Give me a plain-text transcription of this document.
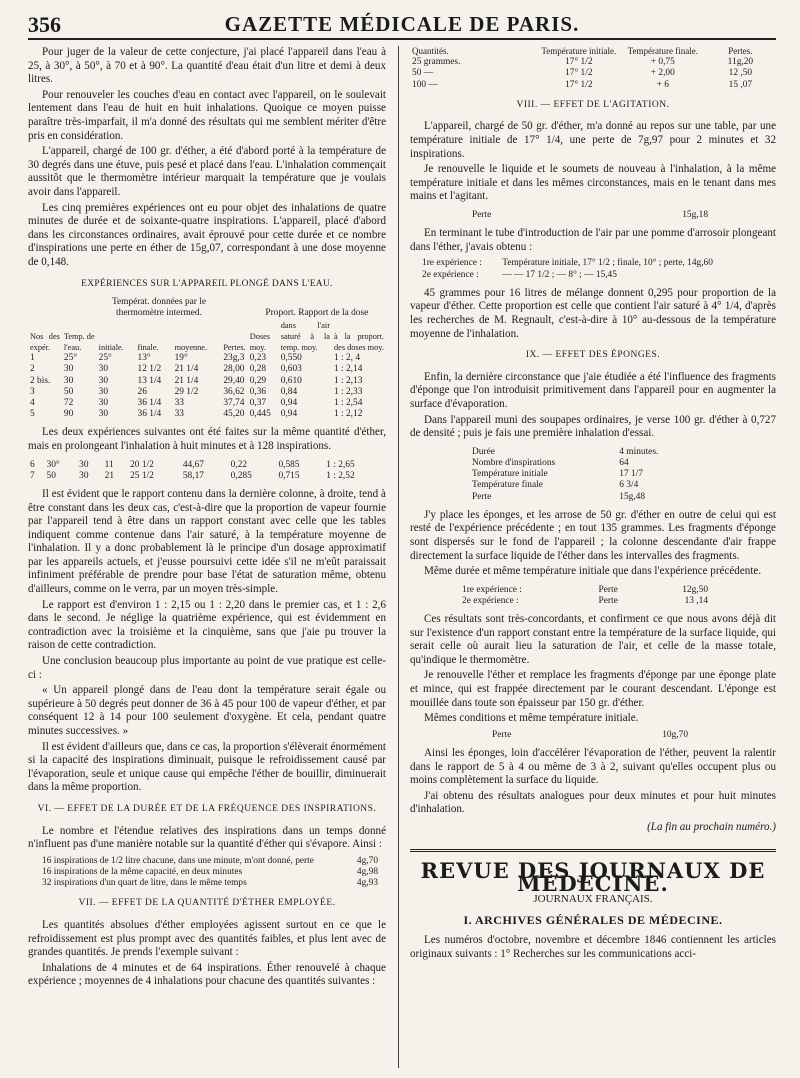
356	GAZETTE MÉDICALE DE PARIS.

Pour juger de la valeur de cette conjecture, j'ai placé l'appareil dans l'eau à 25, à 30°, à 50°, à 70 et à 90°. La quantité d'eau était d'un litre et demi à deux litres.

Pour renouveler les couches d'eau en contact avec l'appareil, on le soulevait lentement dans l'eau de huit en huit inhalations. Quoique ce moyen puisse paraître très-imparfait, il m'a donné des résultats qui me semblent mériter d'être pris en considération.

L'appareil, chargé de 100 gr. d'éther, a été d'abord porté à la température de 30 degrés dans une étuve, puis pesé et placé dans l'eau. L'inhalation commençait aussitôt que le thermomètre intérieur marquait la température que je voulais avoir dans l'appareil.

Les cinq premières expériences ont eu pour objet des inhalations de quatre minutes de durée et de soixante-quatre inspirations. L'appareil, placé d'abord dans les circonstances ordinaires, avait éprouvé pour cette durée et ce nombre d'inspirations une perte en éther de 15g,07, correspondant à une dose moyenne de 0,148.

EXPÉRIENCES SUR L'APPAREIL PLONGÉ DANS L'EAU.
		Températ. données par le thermomètre intermed.				Proport. Rapport de la dose		
Nos des expér.	Temp. de l'eau.	initiale.	finale.	moyenne.	Pertes.	Doses moy.	dans l'air saturé à la temp. moy.	à la proport. des doses moy.
1	25°	25°	13°	19°	23g,3	0,23	0,550	1 : 2, 4
2	30	30	12 1/2	21 1/4	28,00	0,28	0,603	1 : 2,14
2 bis.	30	30	13 1/4	21 1/4	29,40	0,29	0,610	1 : 2,13
3	50	30	26	29 1/2	36,62	0,36	0,84	1 : 2,33
4	72	30	36 1/4	33	37,74	0,37	0,94	1 : 2,54
5	90	30	36 1/4	33	45,20	0,445	0,94	1 : 2,12

Les deux expériences suivantes ont été faites sur la même quantité d'éther, mais en prolongeant l'inhalation à huit minutes et à 128 inspirations.

6	30°	30	11	20 1/2	44,67	0,22	0,585	1 : 2,65
7	50	30	21	25 1/2	58,17	0,285	0,715	1 : 2,52

Il est évident que le rapport contenu dans la dernière colonne, à droite, tend à être constant dans les deux cas, c'est-à-dire que la proportion de vapeur fournie par l'appareil tend à être dans un rapport constant avec celle que les tables indiquent comme contenue dans l'air saturé, à la température moyenne de l'inhalation. Il y a donc probablement là le principe d'un dosage approximatif par les appareils actuels, et j'eusse poursuivi cette idée s'il ne m'eût paraissait infiniment préférable de prendre pour base l'état de saturation même, obtenu d'ailleurs, comme on le verra, par un moyen très-simple.

Le rapport est d'environ 1 : 2,15 ou 1 : 2,20 dans le premier cas, et 1 : 2,6 dans le second. Je néglige la quatrième expérience, qui est évidemment en contradiction avec la troisième et la cinquième, sans que j'aie pu trouver la raison de cette contradiction.

Une conclusion beaucoup plus importante au point de vue pratique est celle-ci :

« Un appareil plongé dans de l'eau dont la température serait égale ou supérieure à 50 degrés peut donner de 36 à 45 pour 100 de vapeur d'éther, et par conséquent 12 à 14 pour 100 seulement d'oxygène. Et cela, pendant quatre minutes successives. »

Il est évident d'ailleurs que, dans ce cas, la proportion s'élèverait énormément si la capacité des inspirations diminuait, puisque le refroidissement causé par l'évaporation, seule et unique cause qui empêche l'éther de bouillir, diminuerait dans la même proportion.

VI. — EFFET DE LA DURÉE ET DE LA FRÉQUENCE DES INSPIRATIONS.

Le nombre et l'étendue relatives des inspirations dans un temps donné n'influent pas d'une manière notable sur la quantité d'éther qui s'évapore. Ainsi :

16 inspirations de 1/2 litre chacune, dans une minute, m'ont donné, perte	4g,70
16 inspirations de la même capacité, en deux minutes	4g,98
32 inspirations d'un quart de litre, dans le même temps	4g,93
VII. — EFFET DE LA QUANTITÉ D'ÉTHER EMPLOYÉE.

Les quantités absolues d'éther employées agissent surtout en ce que le refroidissement est plus prompt avec des quantités faibles, et plus lent avec de grandes quantités. Je prends l'exemple suivant :

Inhalations de 4 minutes et de 64 inspirations. Éther renouvelé à chaque expérience ; moyennes de 4 inhalations pour chacune des quantités suivantes :

Quantités.	Température initiale.	Température finale.	Pertes.
25 grammes.	17° 1/2	+ 0,75	11g,20
50 —	17° 1/2	+ 2,00	12 ,50
100 —	17° 1/2	+ 6	15 ,07
VIII. — EFFET DE L'AGITATION.

L'appareil, chargé de 50 gr. d'éther, m'a donné au repos sur une table, par une température initiale de 17° 1/4, une perte de 7g,97 pour 2 minutes et 32 inspirations.

Je renouvelle le liquide et le soumets de nouveau à l'inhalation, à la même température initiale et dans les mêmes circonstances, mais en le tenant dans mes mains et l'agitant.

Perte	15g,18

En terminant le tube d'introduction de l'air par une pomme d'arrosoir plongeant dans l'éther, j'avais obtenu :

1re expérience :	Température initiale, 17° 1/2 ; finale, 10° ; perte, 14g,60
2e expérience :	— — 17 1/2 ; — 8° ; — 15,45

45 grammes pour 16 litres de mélange donnent 0,295 pour proportion de la vapeur d'éther. Cette proportion est celle que contient l'air saturé à 4° 1/4, d'après les recherches de M. Regnault, c'est-à-dire à 10° au-dessous de la température moyenne de l'inhalation.

IX. — EFFET DES ÉPONGES.

Enfin, la dernière circonstance que j'aie étudiée a été l'influence des fragments d'éponge que l'on introduisit primitivement dans l'appareil pour en augmenter la surface d'évaporation.

Dans l'appareil muni des soupapes ordinaires, je verse 100 gr. d'éther à 0,727 de densité ; puis je fais une première inhalation d'essai.

Durée	4 minutes.
Nombre d'inspirations	64
Température initiale	17 1/7
Température finale	6 3/4
Perte	15g,48

J'y place les éponges, et les arrose de 50 gr. d'éther en outre de celui qui est resté de l'expérience précédente ; en tout 135 grammes. Les fragments d'éponge sont dispersés sur le fond de l'appareil ; la colonne descendante d'air frappe directement la surface liquide de l'éther dans les intervalles des fragments.

Même durée et même température initiale que dans l'expérience précédente.

1re expérience :	Perte	12g,50
2e expérience :	Perte	13 ,14

Ces résultats sont très-concordants, et confirment ce que nous avons déjà dit sur l'existence d'un rapport constant entre la température de la surface liquide, qui serait celle où aurait lieu la saturation de l'air, et celle de la masse totale, qu'indique le thermomètre.

Je renouvelle l'éther et remplace les fragments d'éponge par une éponge plate et mince, qui est frappée directement par le courant descendant. L'éponge est mouillée dans toute son épaisseur par 150 gr. d'éther.

Mêmes conditions et même température initiale.

Perte	10g,70

Ainsi les éponges, loin d'accélérer l'évaporation de l'éther, peuvent la ralentir dans le rapport de 5 à 4 ou même de 3 à 2, suivant qu'elles occupent plus ou moins complètement la surface du liquide.

J'ai obtenu des résultats analogues pour deux minutes et pour huit minutes d'inhalation.

(La fin au prochain numéro.)
REVUE DES JOURNAUX DE MÉDECINE.
JOURNAUX FRANÇAIS.
I. ARCHIVES GÉNÉRALES DE MÉDECINE.

Les numéros d'octobre, novembre et décembre 1846 contiennent les articles originaux suivants : 1° Recherches sur les communications acci-
